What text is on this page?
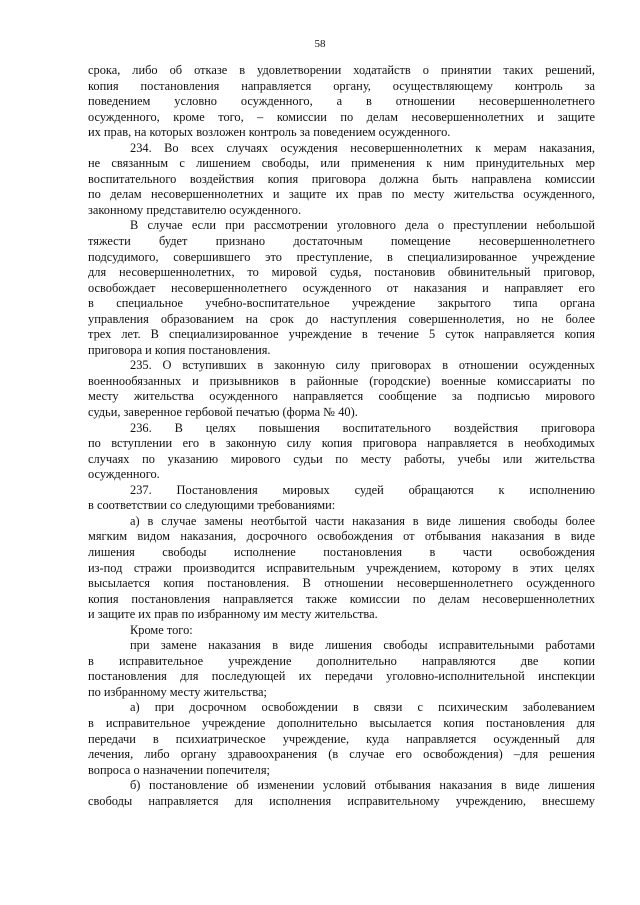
58
срока, либо об отказе в удовлетворении ходатайств о принятии таких решений,
копия постановления направляется органу, осуществляющему контроль за
поведением условно осужденного, а в отношении несовершеннолетнего
осужденного, кроме того, – комиссии по делам несовершеннолетних и защите
их прав, на которых возложен контроль за поведением осужденного.
234. Во всех случаях осуждения несовершеннолетних к мерам наказания,
не связанным с лишением свободы, или применения к ним принудительных мер
воспитательного воздействия копия приговора должна быть направлена комиссии
по делам несовершеннолетних и защите их прав по месту жительства осужденного,
законному представителю осужденного.
В случае если при рассмотрении уголовного дела о преступлении небольшой
тяжести будет признано достаточным помещение несовершеннолетнего
подсудимого, совершившего это преступление, в специализированное учреждение
для несовершеннолетних, то мировой судья, постановив обвинительный приговор,
освобождает несовершеннолетнего осужденного от наказания и направляет его
в специальное учебно-воспитательное учреждение закрытого типа органа
управления образованием на срок до наступления совершеннолетия, но не более
трех лет. В специализированное учреждение в течение 5 суток направляется копия
приговора и копия постановления.
235. О вступивших в законную силу приговорах в отношении осужденных
военнообязанных и призывников в районные (городские) военные комиссариаты по
месту жительства осужденного направляется сообщение за подписью мирового
судьи, заверенное гербовой печатью (форма № 40).
236. В целях повышения воспитательного воздействия приговора
по вступлении его в законную силу копия приговора направляется в необходимых
случаях по указанию мирового судьи по месту работы, учебы или жительства
осужденного.
237. Постановления мировых судей обращаются к исполнению
в соответствии со следующими требованиями:
а) в случае замены неотбытой части наказания в виде лишения свободы более
мягким видом наказания, досрочного освобождения от отбывания наказания в виде
лишения свободы исполнение постановления в части освобождения
из-под стражи производится исправительным учреждением, которому в этих целях
высылается копия постановления. В отношении несовершеннолетнего осужденного
копия постановления направляется также комиссии по делам несовершеннолетних
и защите их прав по избранному им месту жительства.
Кроме того:
при замене наказания в виде лишения свободы исправительными работами
в исправительное учреждение дополнительно направляются две копии
постановления для последующей их передачи уголовно-исполнительной инспекции
по избранному месту жительства;
а) при досрочном освобождении в связи с психическим заболеванием
в исправительное учреждение дополнительно высылается копия постановления для
передачи в психиатрическое учреждение, куда направляется осужденный для
лечения, либо органу здравоохранения (в случае его освобождения) –для решения
вопроса о назначении попечителя;
б) постановление об изменении условий отбывания наказания в виде лишения
свободы направляется для исполнения исправительному учреждению, внесшему
